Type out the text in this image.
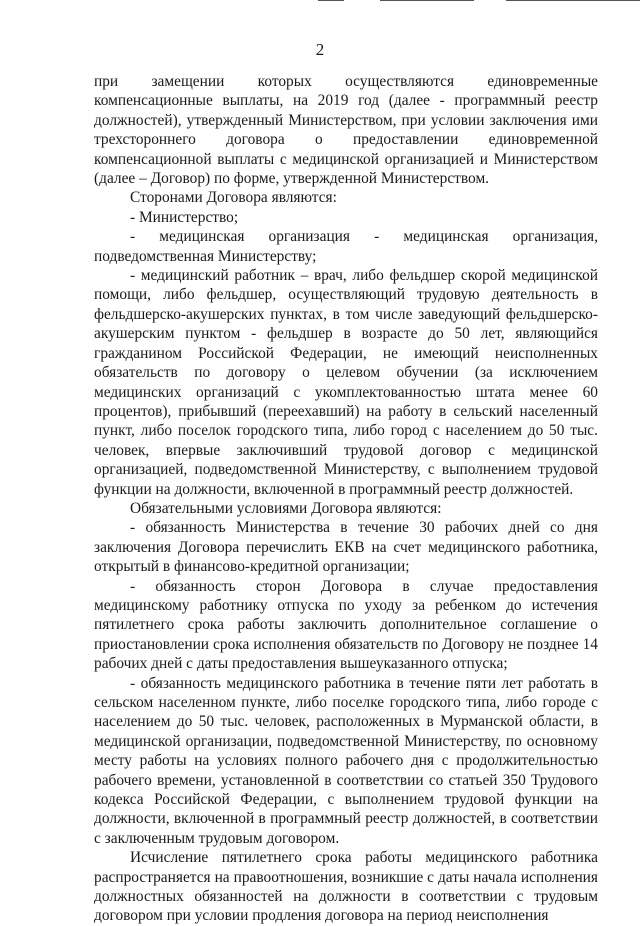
2

при замещении которых осуществляются единовременные компенсационные выплаты, на 2019 год (далее - программный реестр должностей), утвержденный Министерством, при условии заключения ими трехстороннего договора о предоставлении единовременной компенсационной выплаты с медицинской организацией и Министерством (далее – Договор) по форме, утвержденной Министерством.

Сторонами Договора являются:

- Министерство;

- медицинская организация - медицинская организация, подведомственная Министерству;

- медицинский работник – врач, либо фельдшер скорой медицинской помощи, либо фельдшер, осуществляющий трудовую деятельность в фельдшерско-акушерских пунктах, в том числе заведующий фельдшерско-акушерским пунктом - фельдшер в возрасте до 50 лет, являющийся гражданином Российской Федерации, не имеющий неисполненных обязательств по договору о целевом обучении (за исключением медицинских организаций с укомплектованностью штата менее 60 процентов), прибывший (переехавший) на работу в сельский населенный пункт, либо поселок городского типа, либо город с населением до 50 тыс. человек, впервые заключивший трудовой договор с медицинской организацией, подведомственной Министерству, с выполнением трудовой функции на должности, включенной в программный реестр должностей.

Обязательными условиями Договора являются:

- обязанность Министерства в течение 30 рабочих дней со дня заключения Договора перечислить ЕКВ на счет медицинского работника, открытый в финансово-кредитной организации;

- обязанность сторон Договора в случае предоставления медицинскому работнику отпуска по уходу за ребенком до истечения пятилетнего срока работы заключить дополнительное соглашение о приостановлении срока исполнения обязательств по Договору не позднее 14 рабочих дней с даты предоставления вышеуказанного отпуска;

- обязанность медицинского работника в течение пяти лет работать в сельском населенном пункте, либо поселке городского типа, либо городе с населением до 50 тыс. человек, расположенных в Мурманской области, в медицинской организации, подведомственной Министерству, по основному месту работы на условиях полного рабочего дня с продолжительностью рабочего времени, установленной в соответствии со статьей 350 Трудового кодекса Российской Федерации, с выполнением трудовой функции на должности, включенной в программный реестр должностей, в соответствии с заключенным трудовым договором.

Исчисление пятилетнего срока работы медицинского работника распространяется на правоотношения, возникшие с даты начала исполнения должностных обязанностей на должности в соответствии с трудовым договором при условии продления договора на период неисполнения
